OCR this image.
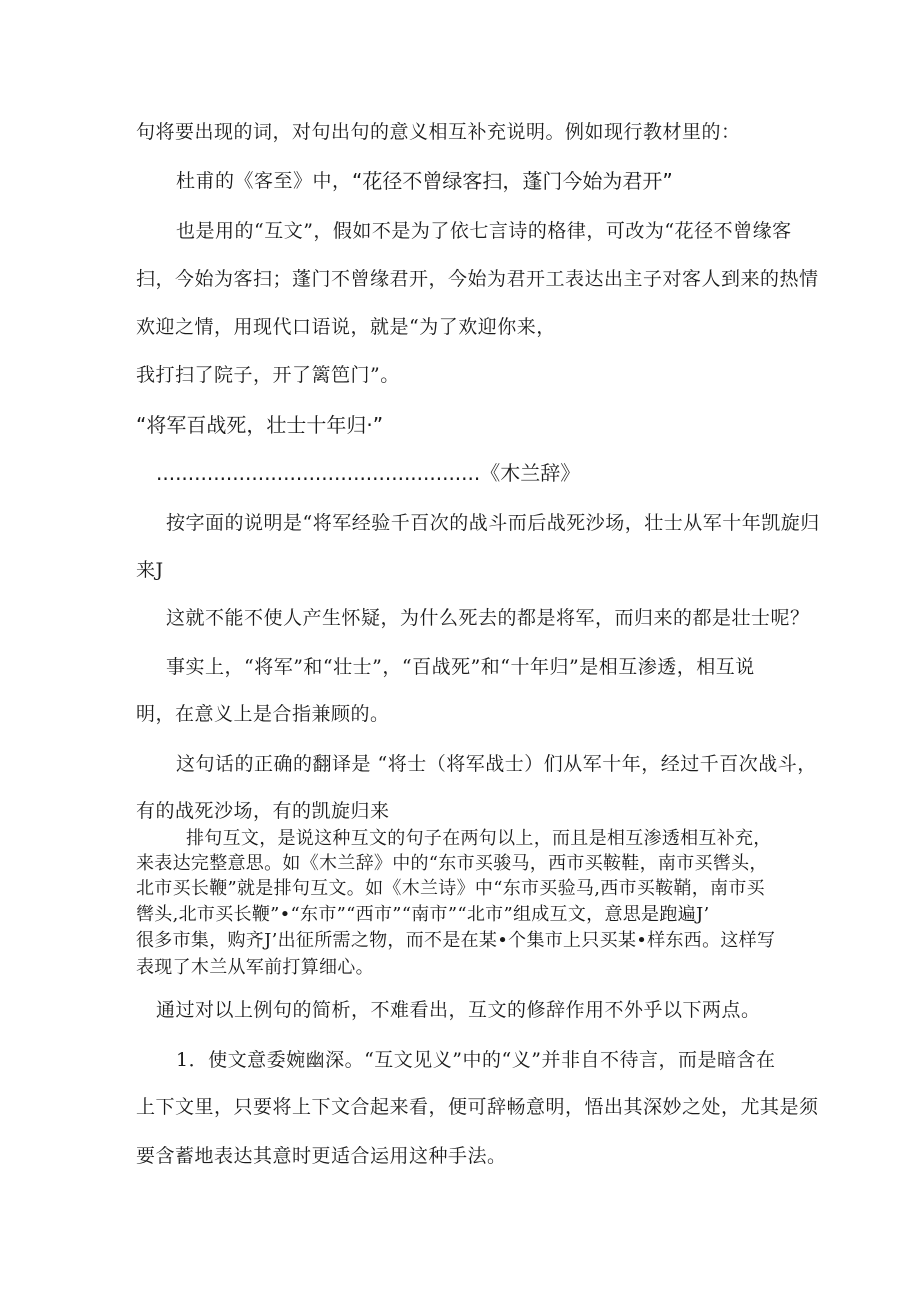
句将要出现的词，对句出句的意义相互补充说明。例如现行教材里的：
杜甫的《客至》中， “花径不曾绿客扫，蓬门今始为君开”
也是用的“互文”，假如不是为了依七言诗的格律，可改为“花径不曾缘客
扫，今始为客扫；蓬门不曾缘君开，今始为君开工表达出主子对客人到来的热情
欢迎之情，用现代口语说，就是“为了欢迎你来，
我打扫了院子，开了篱笆门”。
“将军百战死，壮士十年归·”
...................................................《木兰辞》
按字面的说明是“将军经验千百次的战斗而后战死沙场，壮士从军十年凯旋归
来J
这就不能不使人产生怀疑，为什么死去的都是将军，而归来的都是壮士呢？
事实上，“将军”和“壮士”，“百战死”和“十年归”是相互渗透，相互说
明，在意义上是合指兼顾的。
这句话的正确的翻译是 “将士（将军战士）们从军十年，经过千百次战斗，
有的战死沙场，有的凯旋归来
排句互文，是说这种互文的句子在两句以上，而且是相互渗透相互补充，
来表达完整意思。如《木兰辞》中的“东市买骏马，西市买鞍鞋，南市买辔头，
北市买长鞭”就是排句互文。如《木兰诗》中“东市买验马,西市买鞍鞘，南市买
辔头,北市买长鞭”•“东市”“西市”“南市”“北市”组成互文，意思是跑遍J’
很多市集，购齐J’出征所需之物，而不是在某•个集市上只买某•样东西。这样写
表现了木兰从军前打算细心。
通过对以上例句的简析，不难看出，互文的修辞作用不外乎以下两点。
1．使文意委婉幽深。“互文见义”中的“义”并非自不待言，而是暗含在
上下文里，只要将上下文合起来看，便可辞畅意明，悟出其深妙之处，尤其是须
要含蓄地表达其意时更适合运用这种手法。
